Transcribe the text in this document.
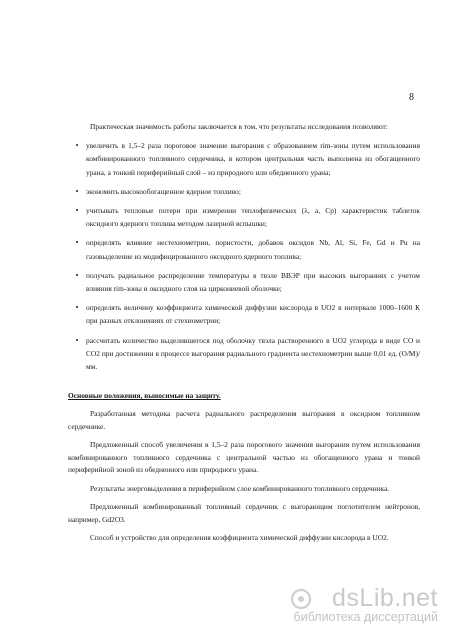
8

Практическая значимость работы заключается в том, что результаты исследования позволяют:

•	увеличить в 1,5–2 раза пороговое значение выгорания с образованием rim-зоны путем использования комбинированного топливного сердечника, в котором центральная часть выполнена из обогащенного урана, а тонкий периферийный слой – из природного или обедненного урана;
•	экономить высокообогащенное ядерное топливо;
•	учитывать тепловые потери при измерении теплофизических (λ, a, Cp) характеристик таблеток оксидного ядерного топлива методом лазерной вспышки;
•	определять влияние нестехиометрии, пористости, добавок оксидов Nb, Al, Si, Fe, Gd и Pu на газовыделение из модифицированного оксидного ядерного топлива;
•	получать радиальное распределение температуры в твэле ВВЭР при высоких выгораниях с учетом влияния rim-зоны и оксидного слоя на циркониевой оболочке;
•	определять величину коэффициента химической диффузии кислорода в UO2 в интервале 1000–1600 К при разных отклонениях от стехиометрии;
•	рассчитать количество выделившегося под оболочку твэла растворенного в UO2 углерода в виде CO и CO2 при достижении в процессе выгорания радиального градиента нестехиометрии выше 0,01 ед. (О/М)/мм.

Основные положения, выносимые на защиту.

Разработанная методика расчета радиального распределения выгорания в оксидном топливном сердечнике.

Предложенный способ увеличения в 1,5–2 раза порогового значения выгорания путем использования комбинированного топливного сердечника с центральной частью из обогащенного урана и тонкой периферийной зоной из обедненного или природного урана.

Результаты энерговыделения в периферийном слое комбинированного топливного сердечника.

Предложенный комбинированный топливный сердечник с выгорающим поглотителем нейтронов, например, Gd2O3.

Способ и устройство для определения коэффициента химической диффузии кислорода в UO2.

dsLib.net
библиотека диссертаций
